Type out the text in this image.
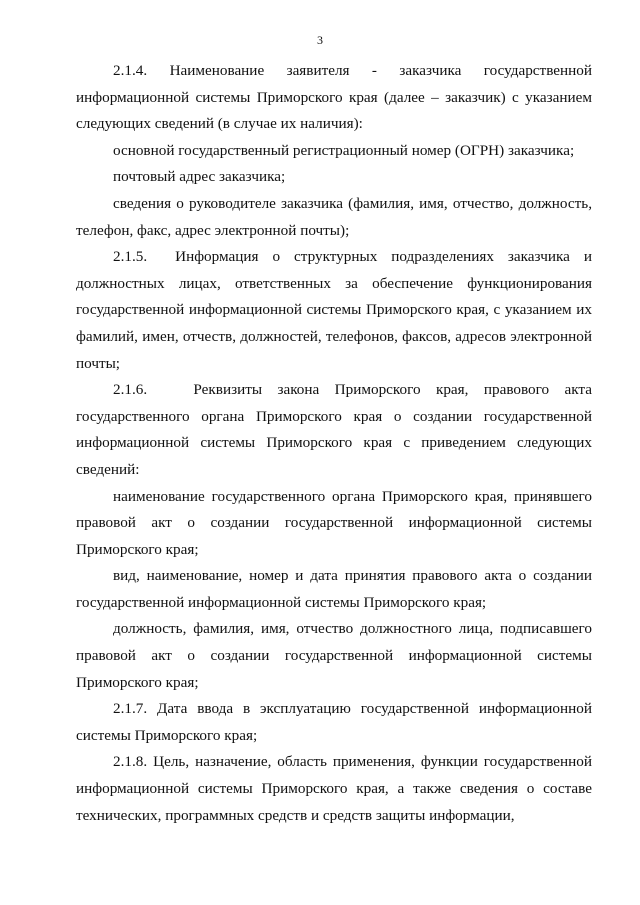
3

2.1.4.    Наименование    заявителя    -    заказчика    государственной информационной системы Приморского края (далее – заказчик) с указанием следующих сведений (в случае их наличия):

основной государственный регистрационный номер (ОГРН) заказчика;

почтовый адрес заказчика;

сведения о руководителе заказчика (фамилия, имя, отчество, должность, телефон, факс, адрес электронной почты);

2.1.5.  Информация о структурных подразделениях заказчика и должностных лицах, ответственных за обеспечение функционирования государственной информационной системы Приморского края, с указанием их фамилий, имен, отчеств, должностей, телефонов, факсов, адресов электронной почты;

2.1.6.   Реквизиты закона Приморского края, правового акта государственного органа Приморского края о создании государственной информационной системы Приморского края с приведением следующих сведений:

наименование государственного органа Приморского края, принявшего правовой акт о создании государственной информационной системы Приморского края;

вид, наименование, номер и дата принятия правового акта о создании государственной информационной системы Приморского края;

должность, фамилия, имя, отчество должностного лица, подписавшего правовой акт о создании государственной информационной системы Приморского края;

2.1.7. Дата ввода в эксплуатацию государственной информационной системы Приморского края;

2.1.8. Цель, назначение, область применения, функции государственной информационной системы Приморского края, а также сведения о составе технических, программных средств и средств защиты информации,
